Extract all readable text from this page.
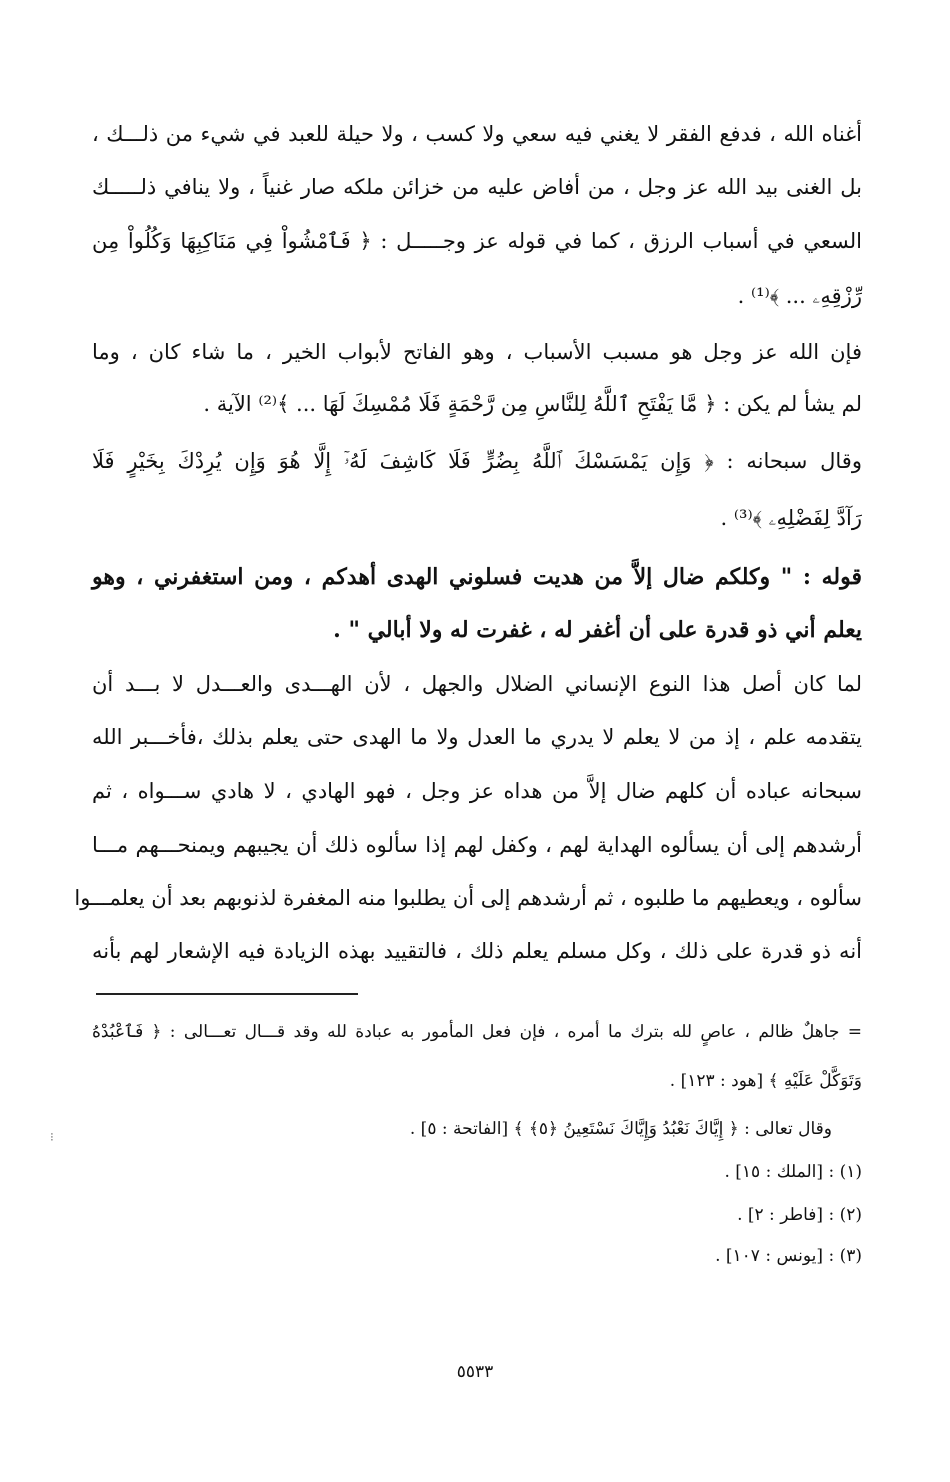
أغناه الله ، فدفع الفقر لا يغني فيه سعي ولا كسب ، ولا حيلة للعبد في شيء من ذلـــك ،
بل الغنى بيد الله عز وجل ، من أفاض عليه من خزائن ملكه صار غنياً ، ولا ينافي ذلـــــك
السعي في أسباب الرزق ، كما في قوله عز وجـــــل : ﴿ فَٱمْشُواْ فِي مَنَاكِبِهَا وَكُلُواْ مِن
رِّزْقِهِۦ ... ﴾⁽¹⁾ .
فإن الله عز وجل هو مسبب الأسباب ، وهو الفاتح لأبواب الخير ، ما شاء كان ، وما
لم يشأ لم يكن : ﴿ مَّا يَفْتَحِ ٱللَّهُ لِلنَّاسِ مِن رَّحْمَةٍ فَلَا مُمْسِكَ لَهَا ... ﴾⁽²⁾ الآية .
وقال سبحانه : ﴿ وَإِن يَمْسَسْكَ ٱللَّهُ بِضُرٍّ فَلَا كَاشِفَ لَهُۥٓ إِلَّا هُوَ وَإِن يُرِدْكَ بِخَيْرٍ فَلَا
رَآدَّ لِفَضْلِهِۦ ﴾⁽³⁾ .
قوله : " وكلكم ضال إلاَّ من هديت فسلوني الهدى أهدكم ، ومن استغفرني ، وهو
يعلم أني ذو قدرة على أن أغفر له ، غفرت له ولا أبالي " .
لما كان أصل هذا النوع الإنساني الضلال والجهل ، لأن الهـــدى والعـــدل لا بـــد أن
يتقدمه علم ، إذ من لا يعلم لا يدري ما العدل ولا ما الهدى حتى يعلم بذلك ،فأخـــبر الله
سبحانه عباده أن كلهم ضال إلاَّ من هداه عز وجل ، فهو الهادي ، لا هادي ســـواه ، ثم
أرشدهم إلى أن يسألوه الهداية لهم ، وكفل لهم إذا سألوه ذلك أن يجيبهم ويمنحـــهم مـــا
سألوه ، ويعطيهم ما طلبوه ، ثم أرشدهم إلى أن يطلبوا منه المغفرة لذنوبهم بعد أن يعلمـــوا
أنه ذو قدرة على ذلك ، وكل مسلم يعلم ذلك ، فالتقييد بهذه الزيادة فيه الإشعار لهم بأنه
= جاهلٌ ظالم ، عاصٍ لله بترك ما أمره ، فإن فعل المأمور به عبادة لله وقد قـــال تعـــالى : ﴿ فَٱعْبُدْهُ
وَتَوَكَّلْ عَلَيْهِ ﴾ [هود : ١٢٣] .
وقال تعالى : ﴿ إِيَّاكَ نَعْبُدُ وَإِيَّاكَ نَسْتَعِينُ ﴿٥﴾ ﴾ [الفاتحة : ٥] .
(١) : [الملك : ١٥] .
(٢) : [فاطر : ٢] .
(٣) : [يونس : ١٠٧] .
⁝
٥٥٣٣
